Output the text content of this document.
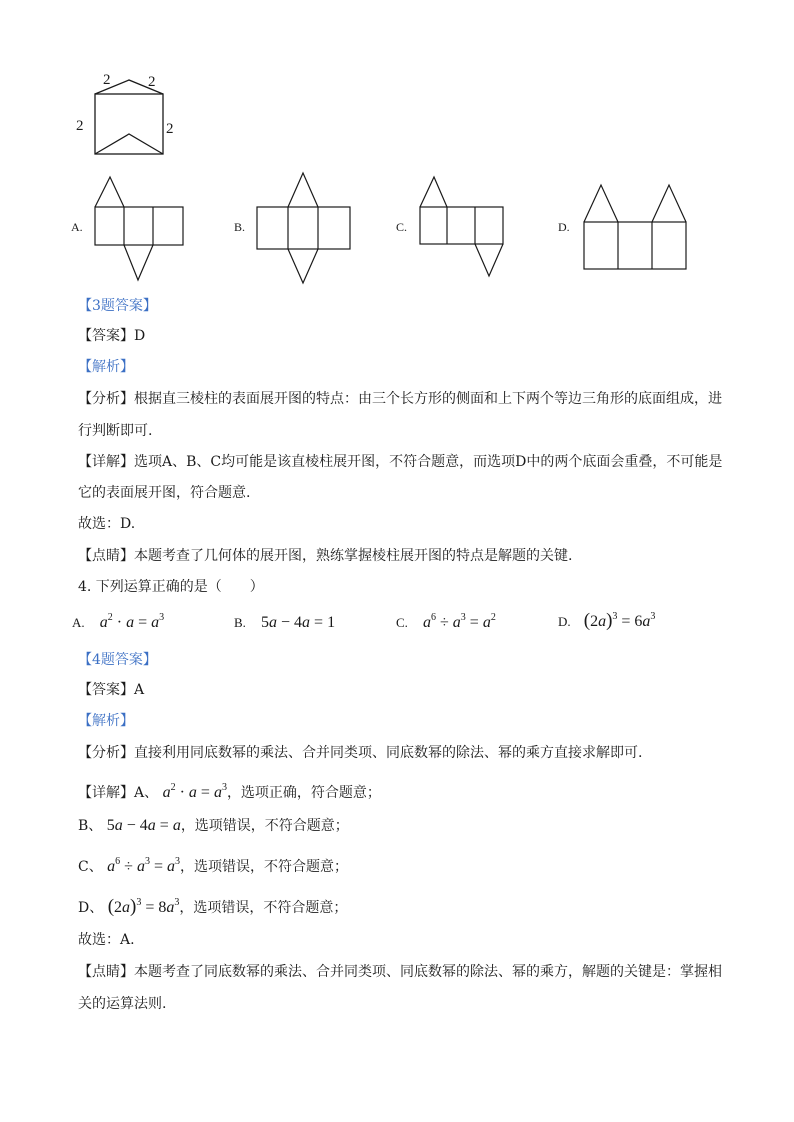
2	2
2	2
A.	B.	C.	D.
【3题答案】
【答案】D
【解析】
【分析】根据直三棱柱的表面展开图的特点：由三个长方形的侧面和上下两个等边三角形的底面组成，进
行判断即可.
【详解】选项A、B、C均可能是该直棱柱展开图，不符合题意，而选项D中的两个底面会重叠，不可能是
它的表面展开图，符合题意.
故选：D.
【点睛】本题考查了几何体的展开图，熟练掌握棱柱展开图的特点是解题的关键.
4. 下列运算正确的是（　　）
A. $a^2 \cdot a = a^3$	B. 5a − 4a = 1	C. $a^6 \div a^3 = a^2$	D. $(2a)^3 = 6a^3$
【4题答案】
【答案】A
【解析】
【分析】直接利用同底数幂的乘法、合并同类项、同底数幂的除法、幂的乘方直接求解即可.
【详解】A、 $a^2 \cdot a = a^3$，选项正确，符合题意；
B、 5a − 4a = a，选项错误，不符合题意；
C、 $a^6 \div a^3 = a^3$，选项错误，不符合题意；
D、 $(2a)^3 = 8a^3$，选项错误，不符合题意；
故选：A.
【点睛】本题考查了同底数幂的乘法、合并同类项、同底数幂的除法、幂的乘方，解题的关键是：掌握相
关的运算法则.
